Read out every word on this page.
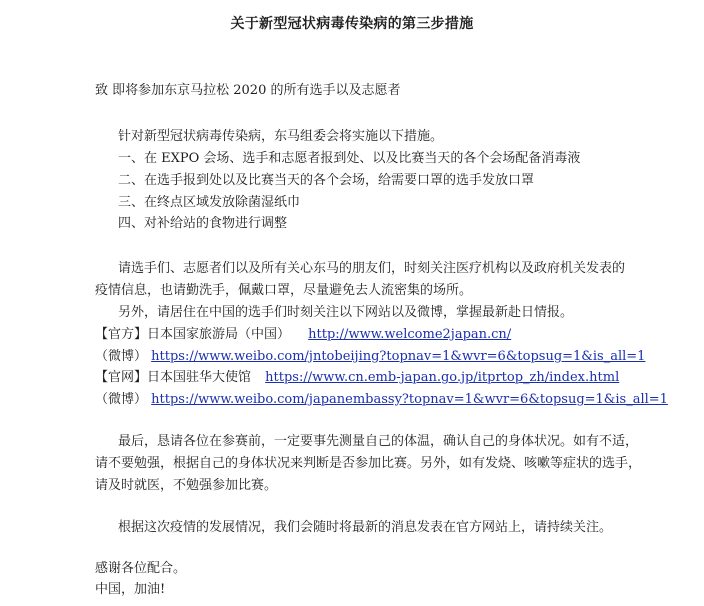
关于新型冠状病毒传染病的第三步措施
致 即将参加东京马拉松 2020 的所有选手以及志愿者
针对新型冠状病毒传染病，东马组委会将实施以下措施。
一、在 EXPO 会场、选手和志愿者报到处、以及比赛当天的各个会场配备消毒液
二、在选手报到处以及比赛当天的各个会场，给需要口罩的选手发放口罩
三、在终点区域发放除菌湿纸巾
四、对补给站的食物进行调整
请选手们、志愿者们以及所有关心东马的朋友们，时刻关注医疗机构以及政府机关发表的
疫情信息，也请勤洗手，佩戴口罩，尽量避免去人流密集的场所。
另外，请居住在中国的选手们时刻关注以下网站以及微博，掌握最新赴日情报。
【官方】日本国家旅游局（中国） http://www.welcome2japan.cn/
（微博） https://www.weibo.com/jntobeijing?topnav=1&wvr=6&topsug=1&is_all=1
【官网】日本国驻华大使馆 https://www.cn.emb-japan.go.jp/itprtop_zh/index.html
（微博） https://www.weibo.com/japanembassy?topnav=1&wvr=6&topsug=1&is_all=1
最后，恳请各位在参赛前，一定要事先测量自己的体温，确认自己的身体状况。如有不适，
请不要勉强，根据自己的身体状况来判断是否参加比赛。另外，如有发烧、咳嗽等症状的选手，
请及时就医，不勉强参加比赛。
根据这次疫情的发展情况，我们会随时将最新的消息发表在官方网站上，请持续关注。
感谢各位配合。
中国，加油!
